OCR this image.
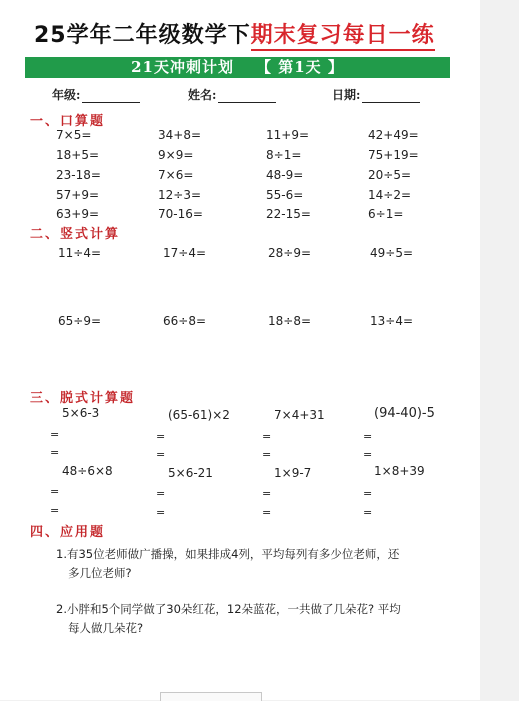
25学年二年级数学下期末复习每日一练
21天冲刺计划 【 第1天 】
年级:	姓名:	日期:
一、口算题
7×5=	34+8=	11+9=	42+49=
18+5=	9×9=	8÷1=	75+19=
23-18=	7×6=	48-9=	20÷5=
57+9=	12÷3=	55-6=	14÷2=
63+9=	70-16=	22-15=	6÷1=
二、竖式计算
11÷4=	17÷4=	28÷9=	49÷5=
65÷9=	66÷8=	18÷8=	13÷4=
三、脱式计算题
5×6-3	(65-61)×2	7×4+31	(94-40)-5
=	=	=	=
=	=	=	=
48÷6×8	5×6-21	1×9-7	1×8+39
=	=	=	=
=	=	=	=
四、应用题
1.有35位老师做广播操，如果排成4列，平均每列有多少位老师，还
多几位老师?
2.小胖和5个同学做了30朵红花，12朵蓝花，一共做了几朵花? 平均
每人做几朵花?
